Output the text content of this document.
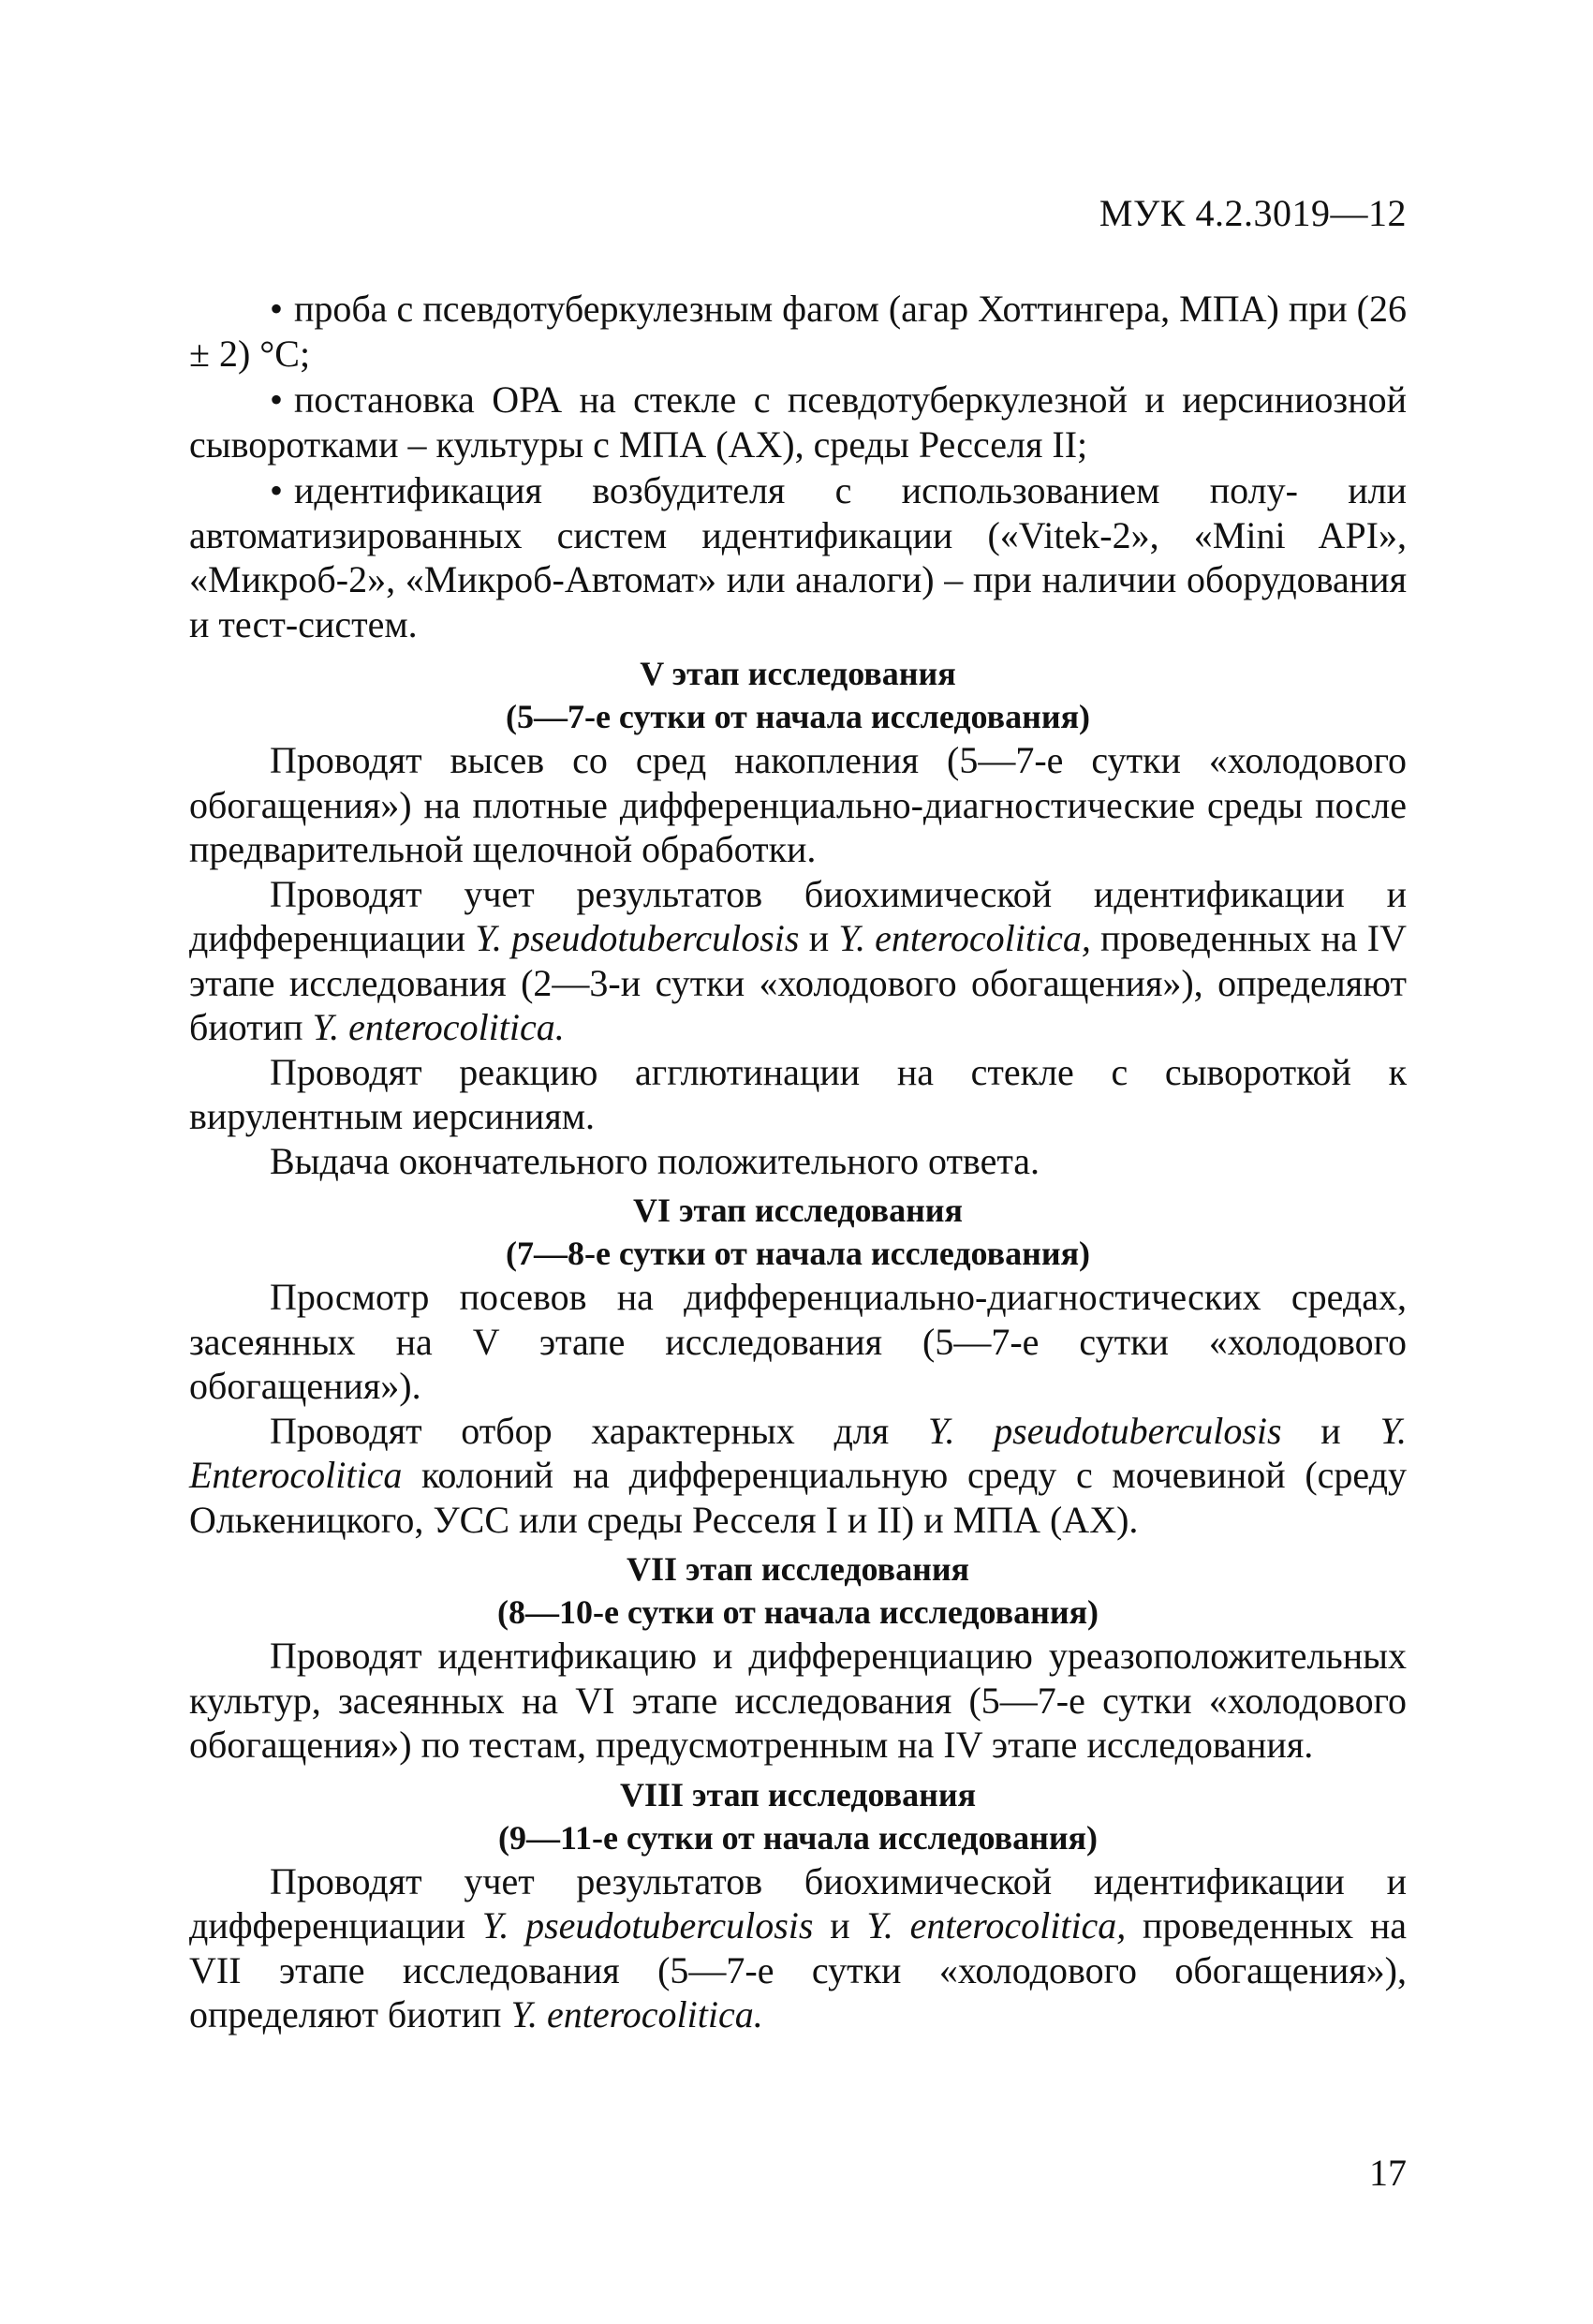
МУК 4.2.3019—12

• проба с псевдотуберкулезным фагом (агар Хоттингера, МПА) при (26 ± 2) °С;

• постановка ОРА на стекле с псевдотуберкулезной и иерсиниозной сыворотками – культуры с МПА (АХ), среды Ресселя II;

• идентификация возбудителя с использованием полу- или автоматизированных систем идентификации («Vitek-2», «Mini API», «Микроб-2», «Микроб-Автомат» или аналоги) – при наличии оборудования и тест-систем.

V этап исследования
(5—7-е сутки от начала исследования)

Проводят высев со сред накопления (5—7-е сутки «холодового обогащения») на плотные дифференциально-диагностические среды после предварительной щелочной обработки.

Проводят учет результатов биохимической идентификации и дифференциации Y. pseudotuberculosis и Y. enterocolitica, проведенных на IV этапе исследования (2—3-и сутки «холодового обогащения»), определяют биотип Y. enterocolitica.

Проводят реакцию агглютинации на стекле с сывороткой к вирулентным иерсиниям.

Выдача окончательного положительного ответа.

VI этап исследования
(7—8-е сутки от начала исследования)

Просмотр посевов на дифференциально-диагностических средах, засеянных на V этапе исследования (5—7-е сутки «холодового обогащения»).

Проводят отбор характерных для Y. pseudotuberculosis и Y. Enterocolitica колоний на дифференциальную среду с мочевиной (среду Олькеницкого, УСС или среды Ресселя I и II) и МПА (АХ).

VII этап исследования
(8—10-е сутки от начала исследования)

Проводят идентификацию и дифференциацию уреазоположительных культур, засеянных на VI этапе исследования (5—7-е сутки «холодового обогащения») по тестам, предусмотренным на IV этапе исследования.

VIII этап исследования
(9—11-е сутки от начала исследования)

Проводят учет результатов биохимической идентификации и дифференциации Y. pseudotuberculosis и Y. enterocolitica, проведенных на VII этапе исследования (5—7-е сутки «холодового обогащения»), определяют биотип Y. enterocolitica.

17
